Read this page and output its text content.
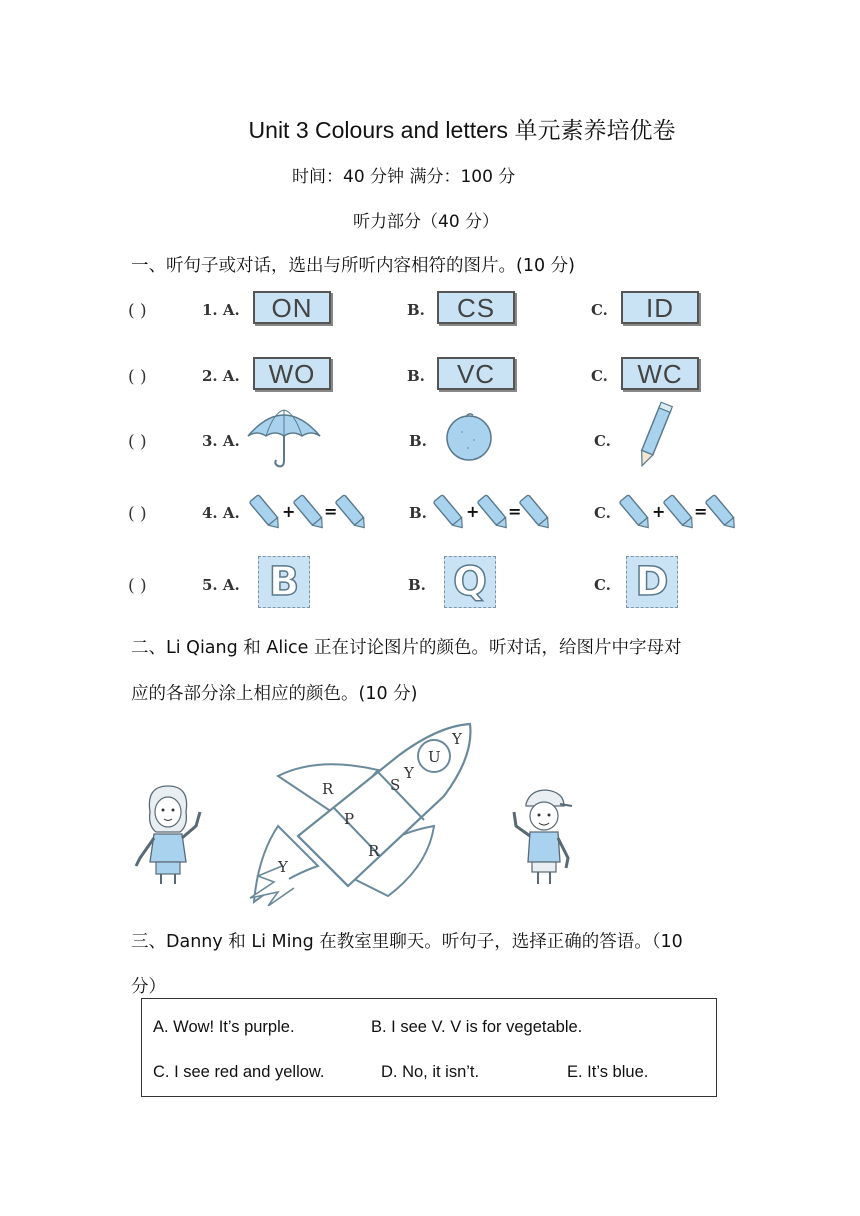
Unit 3 Colours and letters 单元素养培优卷
时间：40 分钟 满分：100 分
听力部分（40 分）
一、听句子或对话，选出与所听内容相符的图片。(10 分)
( )	1. A.	ON	B.	CS	C.	ID
( )	2. A.	WO	B.	VC	C.	WC
( )	3. A.	B.	C.
( )	4. A.	+ =	B. + =	C.	+ =
( )	5. A. B	B. Q	C. D
二、Li Qiang 和 Alice 正在讨论图片的颜色。听对话，给图片中字母对
应的各部分涂上相应的颜色。(10 分)
R	S
Y
U
Y
P
R
Y
三、Danny 和 Li Ming 在教室里聊天。听句子，选择正确的答语。（10
分）
A. Wow! It’s purple.	B. I see V. V is for vegetable.
C. I see red and yellow.	D. No, it isn’t.	E. It’s blue.
